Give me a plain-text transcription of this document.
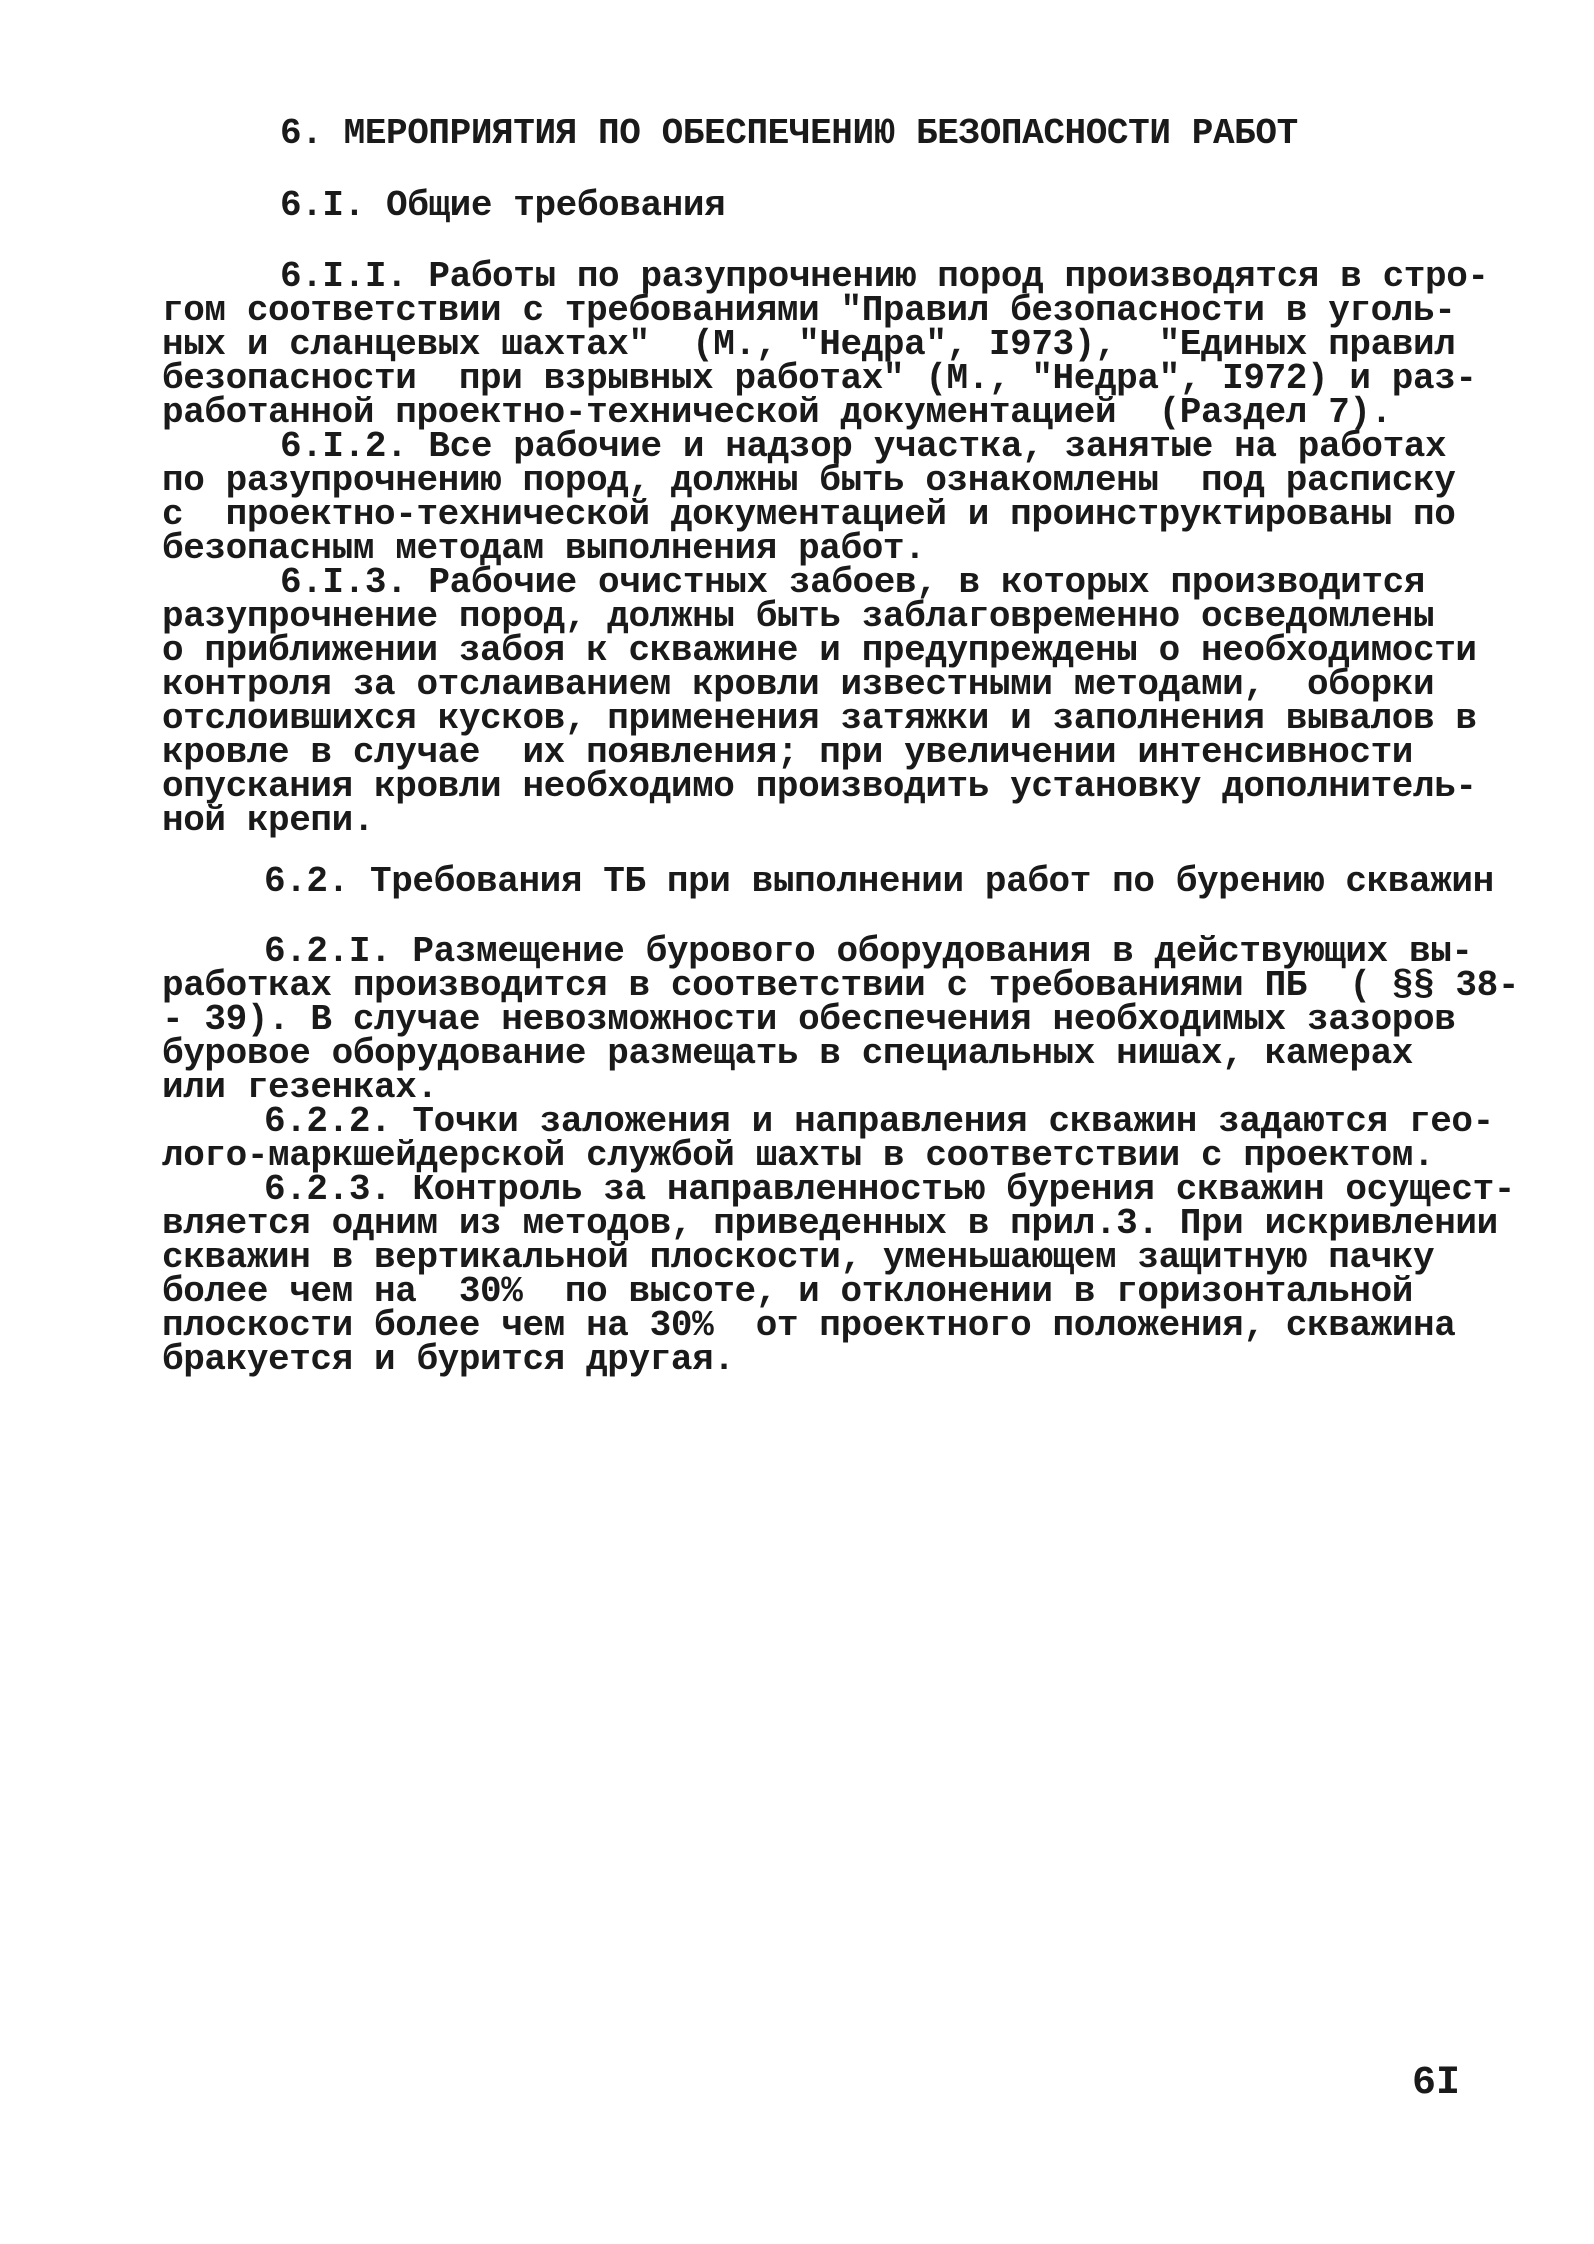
6. МЕРОПРИЯТИЯ ПО ОБЕСПЕЧЕНИЮ БЕЗОПАСНОСТИ РАБОТ
6.I. Общие требования
6.I.I. Работы по разупрочнению пород производятся в стро-
гом соответствии с требованиями "Правил безопасности в уголь-
ных и сланцевых шахтах"  (М., "Недра", I973),  "Единых правил
безопасности  при взрывных работах" (М., "Недра", I972) и раз-
работанной проектно-технической документацией  (Раздел 7).
6.I.2. Все рабочие и надзор участка, занятые на работах
по разупрочнению пород, должны быть ознакомлены  под расписку
с  проектно-технической документацией и проинструктированы по
безопасным методам выполнения работ.
6.I.3. Рабочие очистных забоев, в которых производится
разупрочнение пород, должны быть заблаговременно осведомлены
о приближении забоя к скважине и предупреждены о необходимости
контроля за отслаиванием кровли известными методами,  оборки
отслоившихся кусков, применения затяжки и заполнения вывалов в
кровле в случае  их появления; при увеличении интенсивности
опускания кровли необходимо производить установку дополнитель-
ной крепи.
6.2. Требования ТБ при выполнении работ по бурению скважин
6.2.I. Размещение бурового оборудования в действующих вы-
работках производится в соответствии с требованиями ПБ  ( §§ 38-
- 39). В случае невозможности обеспечения необходимых зазоров
буровое оборудование размещать в специальных нишах, камерах
или гезенках.
6.2.2. Точки заложения и направления скважин задаются гео-
лого-маркшейдерской службой шахты в соответствии с проектом.
6.2.3. Контроль за направленностью бурения скважин осущест-
вляется одним из методов, приведенных в прил.3. При искривлении
скважин в вертикальной плоскости, уменьшающем защитную пачку
более чем на  30%  по высоте, и отклонении в горизонтальной
плоскости более чем на 30%  от проектного положения, скважина
бракуется и бурится другая.
6I
